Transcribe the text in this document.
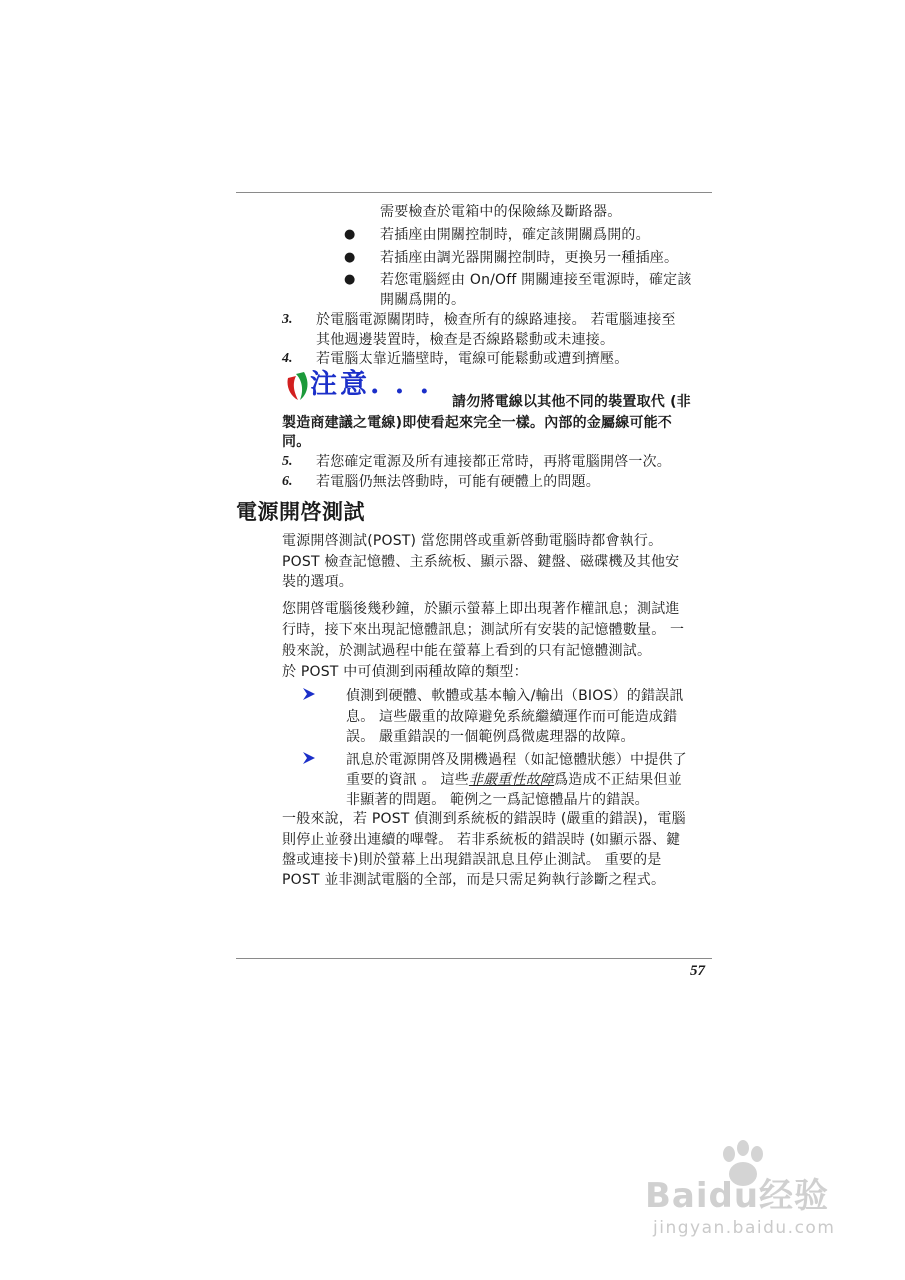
需要檢查於電箱中的保險絲及斷路器。
● 若插座由開關控制時，確定該開關爲開的。
● 若插座由調光器開關控制時，更換另一種插座。
● 若您電腦經由 On/Off 開關連接至電源時，確定該
開關爲開的。
3. 於電腦電源關閉時，檢查所有的線路連接。 若電腦連接至
其他週邊裝置時，檢查是否線路鬆動或未連接。
4. 若電腦太靠近牆壁時，電線可能鬆動或遭到擠壓。
注意. . .
請勿將電線以其他不同的裝置取代 (非
製造商建議之電線)即使看起來完全一樣。內部的金屬線可能不
同。
5. 若您確定電源及所有連接都正常時，再將電腦開啓一次。
6. 若電腦仍無法啓動時，可能有硬體上的問題。
電源開啓測試
電源開啓測試(POST) 當您開啓或重新啓動電腦時都會執行。
POST 檢查記憶體、主系統板、顯示器、鍵盤、磁碟機及其他安
裝的選項。
您開啓電腦後幾秒鐘，於顯示螢幕上即出現著作權訊息；測試進
行時，接下來出現記憶體訊息；測試所有安裝的記憶體數量。 一
般來說，於測試過程中能在螢幕上看到的只有記憶體測試。
於 POST 中可偵測到兩種故障的類型：
偵測到硬體、軟體或基本輸入/輸出（BIOS）的錯誤訊
息。 這些嚴重的故障避免系統繼續運作而可能造成錯
誤。 嚴重錯誤的一個範例爲微處理器的故障。
訊息於電源開啓及開機過程（如記憶體狀態）中提供了
重要的資訊 。 這些非嚴重性故障爲造成不正結果但並
非顯著的問題。 範例之一爲記憶體晶片的錯誤。
一般來說，若 POST 偵測到系統板的錯誤時 (嚴重的錯誤)，電腦
則停止並發出連續的嗶聲。 若非系統板的錯誤時 (如顯示器、鍵
盤或連接卡)則於螢幕上出現錯誤訊息且停止測試。 重要的是
POST 並非測試電腦的全部，而是只需足夠執行診斷之程式。
57
Baidu经验
jingyan.baidu.com
